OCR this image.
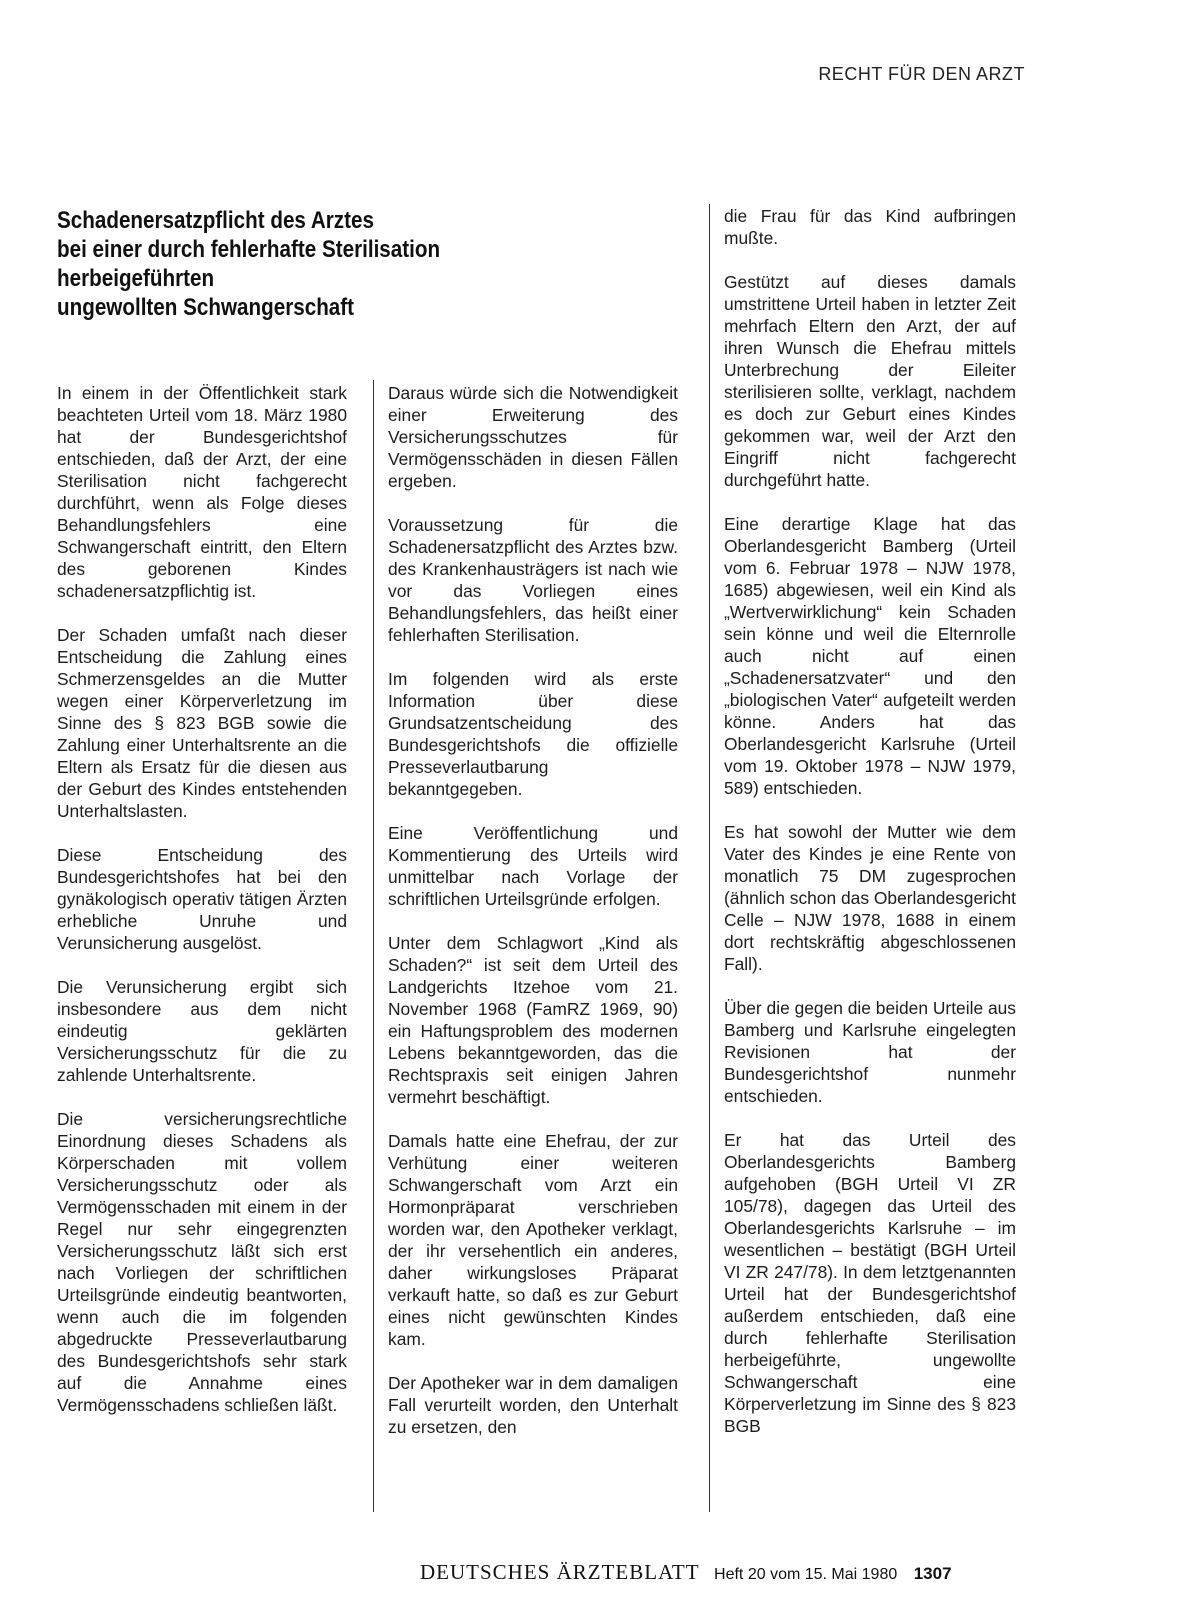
RECHT FÜR DEN ARZT
Schadenersatzpflicht des Arztes
bei einer durch fehlerhafte Sterilisation
herbeigeführten
ungewollten Schwangerschaft

In einem in der Öffentlichkeit stark beachteten Urteil vom 18. März 1980 hat der Bundesgerichtshof entschieden, daß der Arzt, der eine Sterilisation nicht fachgerecht durchführt, wenn als Folge dieses Behandlungsfehlers eine Schwangerschaft eintritt, den Eltern des geborenen Kindes schadenersatzpflichtig ist.

Der Schaden umfaßt nach dieser Entscheidung die Zahlung eines Schmerzensgeldes an die Mutter wegen einer Körperverletzung im Sinne des § 823 BGB sowie die Zahlung einer Unterhaltsrente an die Eltern als Ersatz für die diesen aus der Geburt des Kindes entstehenden Unterhaltslasten.

Diese Entscheidung des Bundesgerichtshofes hat bei den gynäkologisch operativ tätigen Ärzten erhebliche Unruhe und Verunsicherung ausgelöst.

Die Verunsicherung ergibt sich insbesondere aus dem nicht eindeutig geklärten Versicherungsschutz für die zu zahlende Unterhaltsrente.

Die versicherungsrechtliche Einordnung dieses Schadens als Körperschaden mit vollem Versicherungsschutz oder als Vermögensschaden mit einem in der Regel nur sehr eingegrenzten Versicherungsschutz läßt sich erst nach Vorliegen der schriftlichen Urteilsgründe eindeutig beantworten, wenn auch die im folgenden abgedruckte Presseverlautbarung des Bundesgerichtshofs sehr stark auf die Annahme eines Vermögensschadens schließen läßt.

Daraus würde sich die Notwendigkeit einer Erweiterung des Versicherungsschutzes für Vermögensschäden in diesen Fällen ergeben.

Voraussetzung für die Schadenersatzpflicht des Arztes bzw. des Krankenhausträgers ist nach wie vor das Vorliegen eines Behandlungsfehlers, das heißt einer fehlerhaften Sterilisation.

Im folgenden wird als erste Information über diese Grundsatzentscheidung des Bundesgerichtshofs die offizielle Presseverlautbarung bekanntgegeben.

Eine Veröffentlichung und Kommentierung des Urteils wird unmittelbar nach Vorlage der schriftlichen Urteilsgründe erfolgen.

Unter dem Schlagwort „Kind als Schaden?“ ist seit dem Urteil des Landgerichts Itzehoe vom 21. November 1968 (FamRZ 1969, 90) ein Haftungsproblem des modernen Lebens bekanntgeworden, das die Rechtspraxis seit einigen Jahren vermehrt beschäftigt.

Damals hatte eine Ehefrau, der zur Verhütung einer weiteren Schwangerschaft vom Arzt ein Hormonpräparat verschrieben worden war, den Apotheker verklagt, der ihr versehentlich ein anderes, daher wirkungsloses Präparat verkauft hatte, so daß es zur Geburt eines nicht gewünschten Kindes kam.

Der Apotheker war in dem damaligen Fall verurteilt worden, den Unterhalt zu ersetzen, den

die Frau für das Kind aufbringen mußte.

Gestützt auf dieses damals umstrittene Urteil haben in letzter Zeit mehrfach Eltern den Arzt, der auf ihren Wunsch die Ehefrau mittels Unterbrechung der Eileiter sterilisieren sollte, verklagt, nachdem es doch zur Geburt eines Kindes gekommen war, weil der Arzt den Eingriff nicht fachgerecht durchgeführt hatte.

Eine derartige Klage hat das Oberlandesgericht Bamberg (Urteil vom 6. Februar 1978 – NJW 1978, 1685) abgewiesen, weil ein Kind als „Wertverwirklichung“ kein Schaden sein könne und weil die Elternrolle auch nicht auf einen „Schadenersatzvater“ und den „biologischen Vater“ aufgeteilt werden könne. Anders hat das Oberlandesgericht Karlsruhe (Urteil vom 19. Oktober 1978 – NJW 1979, 589) entschieden.

Es hat sowohl der Mutter wie dem Vater des Kindes je eine Rente von monatlich 75 DM zugesprochen (ähnlich schon das Oberlandesgericht Celle – NJW 1978, 1688 in einem dort rechtskräftig abgeschlossenen Fall).

Über die gegen die beiden Urteile aus Bamberg und Karlsruhe eingelegten Revisionen hat der Bundesgerichtshof nunmehr entschieden.

Er hat das Urteil des Oberlandesgerichts Bamberg aufgehoben (BGH Urteil VI ZR 105/78), dagegen das Urteil des Oberlandesgerichts Karlsruhe – im wesentlichen – bestätigt (BGH Urteil VI ZR 247/78). In dem letztgenannten Urteil hat der Bundesgerichtshof außerdem entschieden, daß eine durch fehlerhafte Sterilisation herbeigeführte, ungewollte Schwangerschaft eine Körperverletzung im Sinne des § 823 BGB

DEUTSCHES ÄRZTEBLATT Heft 20 vom 15. Mai 1980 1307
